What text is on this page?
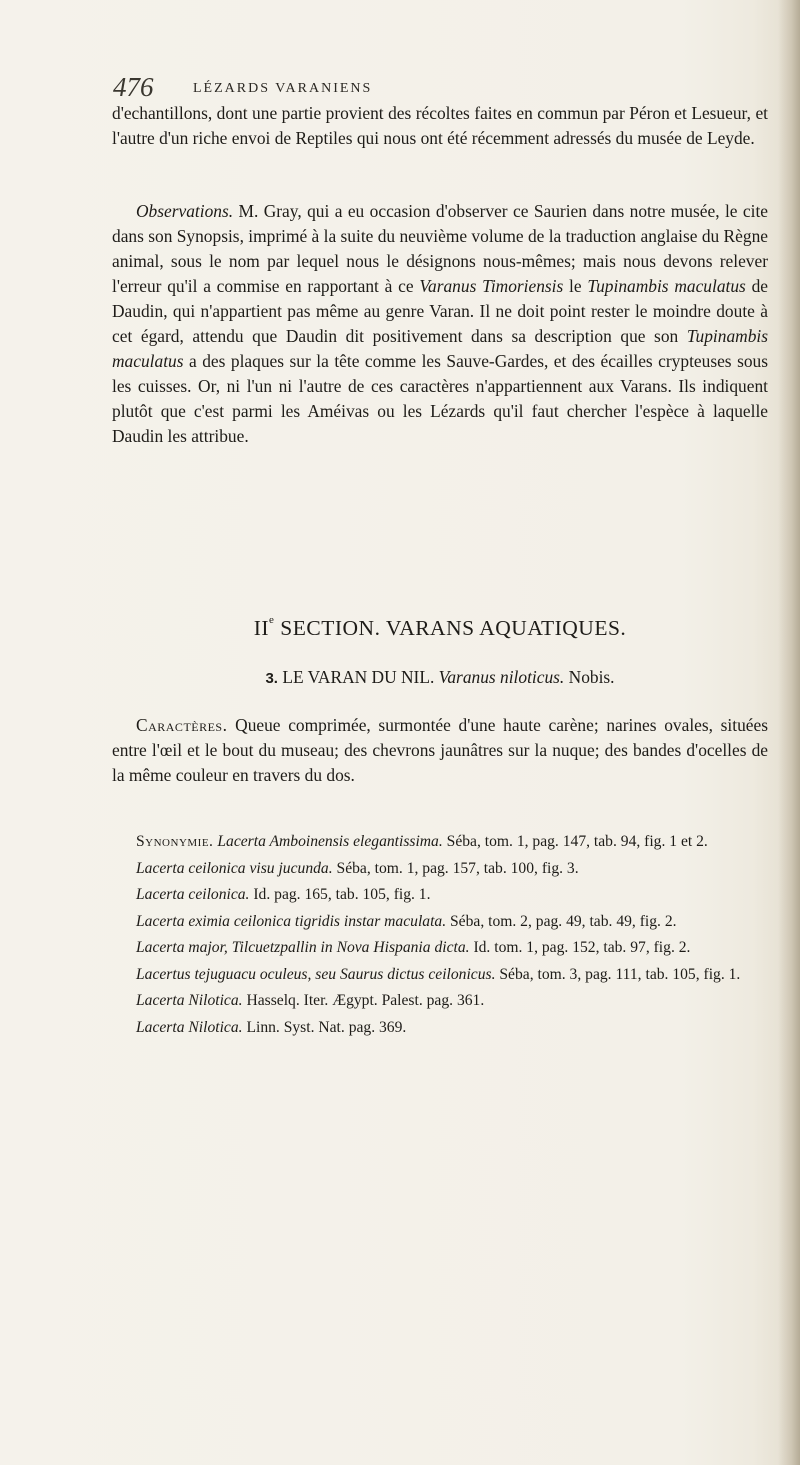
476	LÉZARDS VARANIENS
d'echantillons, dont une partie provient des récoltes faites en commun par Péron et Lesueur, et l'autre d'un riche envoi de Reptiles qui nous ont été récemment adressés du musée de Leyde.
Observations. M. Gray, qui a eu occasion d'observer ce Saurien dans notre musée, le cite dans son Synopsis, imprimé à la suite du neuvième volume de la traduction anglaise du Règne animal, sous le nom par lequel nous le désignons nous-mêmes; mais nous devons relever l'erreur qu'il a commise en rapportant à ce Varanus Timoriensis le Tupinambis maculatus de Daudin, qui n'appartient pas même au genre Varan. Il ne doit point rester le moindre doute à cet égard, attendu que Daudin dit positivement dans sa description que son Tupinambis maculatus a des plaques sur la tête comme les Sauve-Gardes, et des écailles crypteuses sous les cuisses. Or, ni l'un ni l'autre de ces caractères n'appartiennent aux Varans. Ils indiquent plutôt que c'est parmi les Améivas ou les Lézards qu'il faut chercher l'espèce à laquelle Daudin les attribue.
IIe SECTION. VARANS AQUATIQUES.
3. LE VARAN DU NIL. Varanus niloticus. Nobis.
Caractères. Queue comprimée, surmontée d'une haute carène; narines ovales, situées entre l'œil et le bout du museau; des chevrons jaunâtres sur la nuque; des bandes d'ocelles de la même couleur en travers du dos.

Synonymie. Lacerta Amboinensis elegantissima. Séba, tom. 1, pag. 147, tab. 94, fig. 1 et 2.

Lacerta ceilonica visu jucunda. Séba, tom. 1, pag. 157, tab. 100, fig. 3.

Lacerta ceilonica. Id. pag. 165, tab. 105, fig. 1.

Lacerta eximia ceilonica tigridis instar maculata. Séba, tom. 2, pag. 49, tab. 49, fig. 2.

Lacerta major, Tilcuetzpallin in Nova Hispania dicta. Id. tom. 1, pag. 152, tab. 97, fig. 2.

Lacertus tejuguacu oculeus, seu Saurus dictus ceilonicus. Séba, tom. 3, pag. 111, tab. 105, fig. 1.

Lacerta Nilotica. Hasselq. Iter. Ægypt. Palest. pag. 361.

Lacerta Nilotica. Linn. Syst. Nat. pag. 369.
